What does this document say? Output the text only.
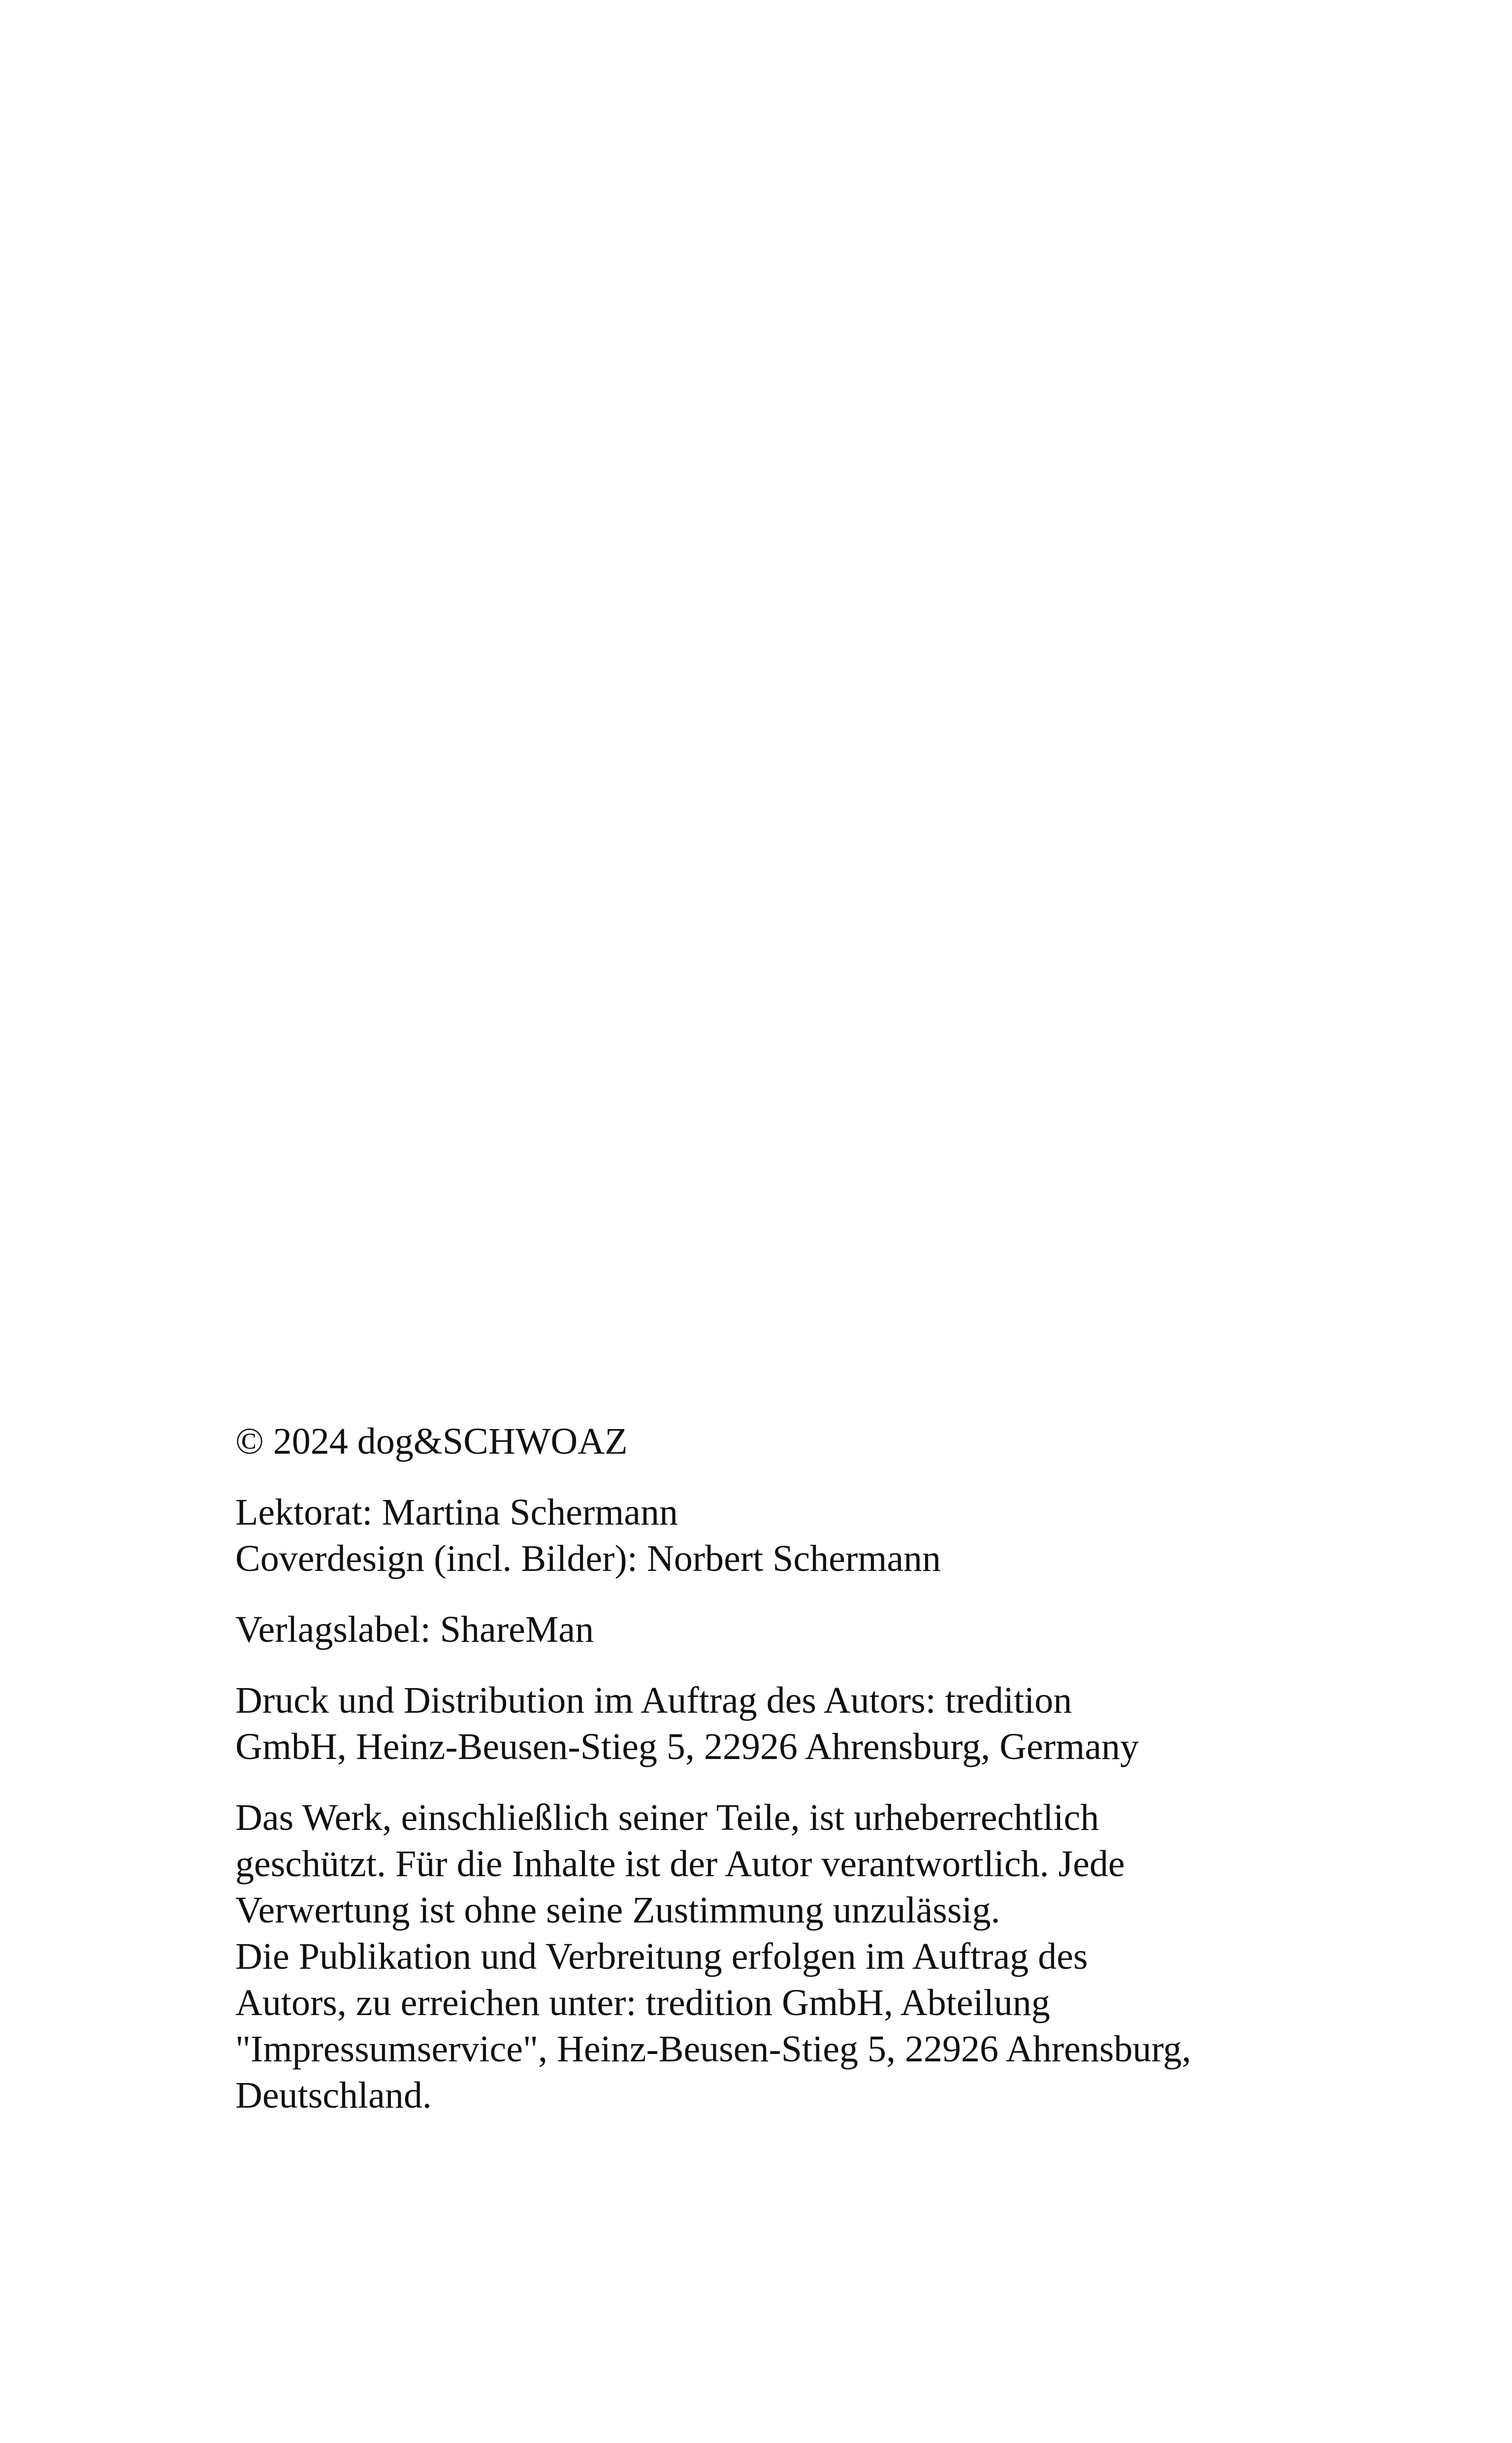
© 2024 dog&SCHWOAZ

Lektorat: Martina Schermann
Coverdesign (incl. Bilder): Norbert Schermann

Verlagslabel: ShareMan

Druck und Distribution im Auftrag des Autors: tredition
GmbH, Heinz-Beusen-Stieg 5, 22926 Ahrensburg, Germany

Das Werk, einschließlich seiner Teile, ist urheberrechtlich
geschützt. Für die Inhalte ist der Autor verantwortlich. Jede
Verwertung ist ohne seine Zustimmung unzulässig.
Die Publikation und Verbreitung erfolgen im Auftrag des
Autors, zu erreichen unter: tredition GmbH, Abteilung
"Impressumservice", Heinz-Beusen-Stieg 5, 22926 Ahrensburg,
Deutschland.
